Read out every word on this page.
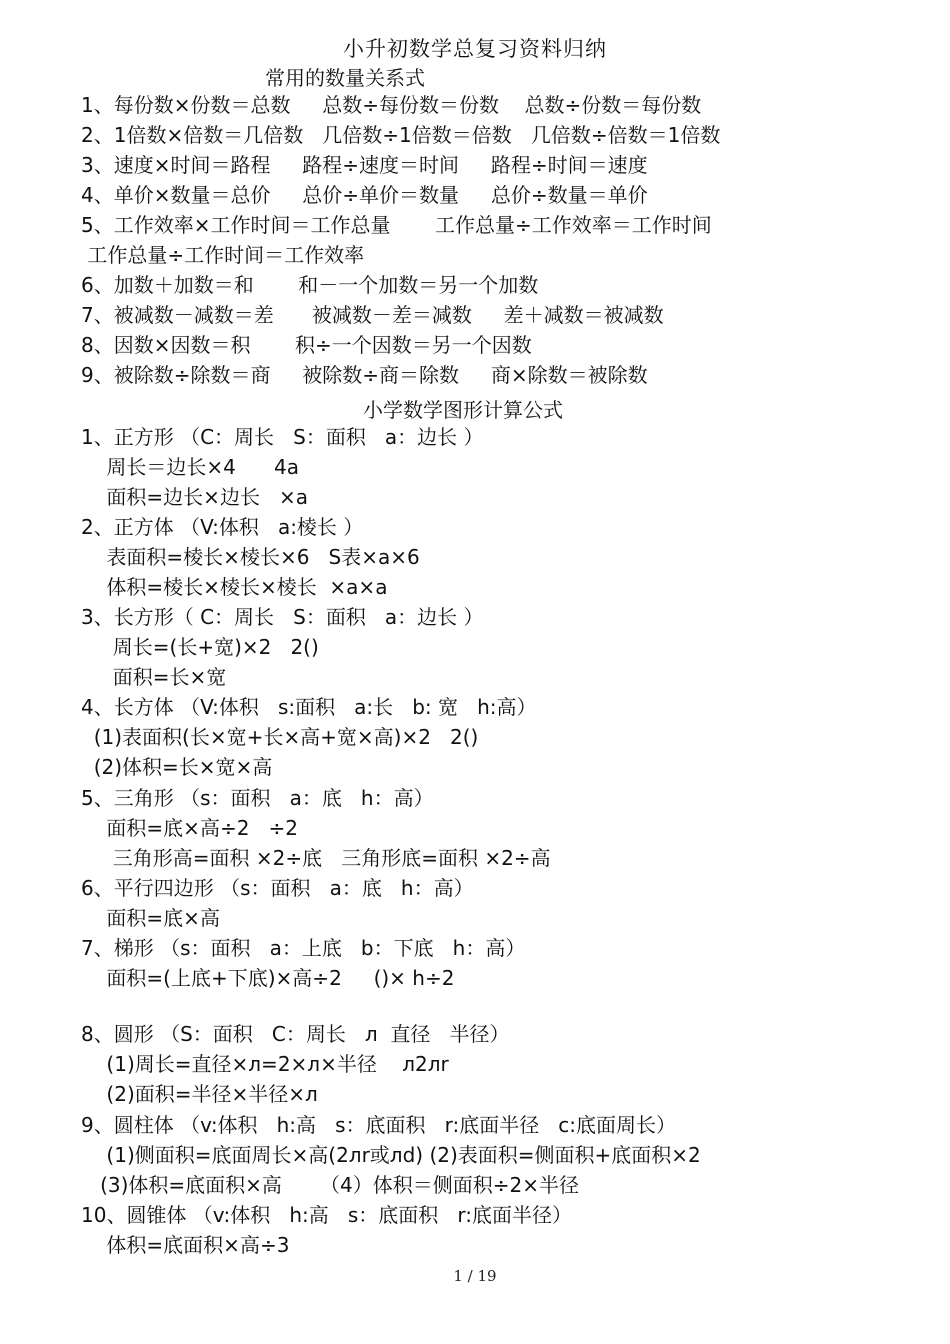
小升初数学总复习资料归纳
常用的数量关系式
1、每份数×份数＝总数     总数÷每份数＝份数    总数÷份数＝每份数
2、1倍数×倍数＝几倍数   几倍数÷1倍数＝倍数   几倍数÷倍数＝1倍数
3、速度×时间＝路程     路程÷速度＝时间     路程÷时间＝速度
4、单价×数量＝总价     总价÷单价＝数量     总价÷数量＝单价
5、工作效率×工作时间＝工作总量       工作总量÷工作效率＝工作时间
工作总量÷工作时间＝工作效率
6、加数＋加数＝和       和－一个加数＝另一个加数
7、被减数－减数＝差      被减数－差＝减数     差＋减数＝被减数
8、因数×因数＝积       积÷一个因数＝另一个因数
9、被除数÷除数＝商     被除数÷商＝除数     商×除数＝被除数
小学数学图形计算公式
1、正方形 （C：周长   S：面积   a：边长 ）
周长＝边长×4      4a
面积=边长×边长   ×a
2、正方体 （V:体积   a:棱长 ）
表面积=棱长×棱长×6   S表×a×6
体积=棱长×棱长×棱长  ×a×a
3、长方形（ C：周长   S：面积   a：边长 ）
周长=(长+宽)×2   2()
面积=长×宽
4、长方体 （V:体积   s:面积   a:长   b: 宽   h:高）
(1)表面积(长×宽+长×高+宽×高)×2   2()
(2)体积=长×宽×高
5、三角形 （s：面积   a：底   h：高）
面积=底×高÷2   ÷2
三角形高=面积 ×2÷底   三角形底=面积 ×2÷高
6、平行四边形 （s：面积   a：底   h：高）
面积=底×高
7、梯形 （s：面积   a：上底   b：下底   h：高）
面积=(上底+下底)×高÷2     ()× h÷2
8、圆形 （S：面积   C：周长   л  直径   半径）
(1)周长=直径×л=2×л×半径    л2лr
(2)面积=半径×半径×л
9、圆柱体 （v:体积   h:高   s：底面积   r:底面半径   c:底面周长）
(1)侧面积=底面周长×高(2лr或лd) (2)表面积=侧面积+底面积×2
(3)体积=底面积×高      （4）体积＝侧面积÷2×半径
10、圆锥体 （v:体积   h:高   s：底面积   r:底面半径）
体积=底面积×高÷3
1 / 19
